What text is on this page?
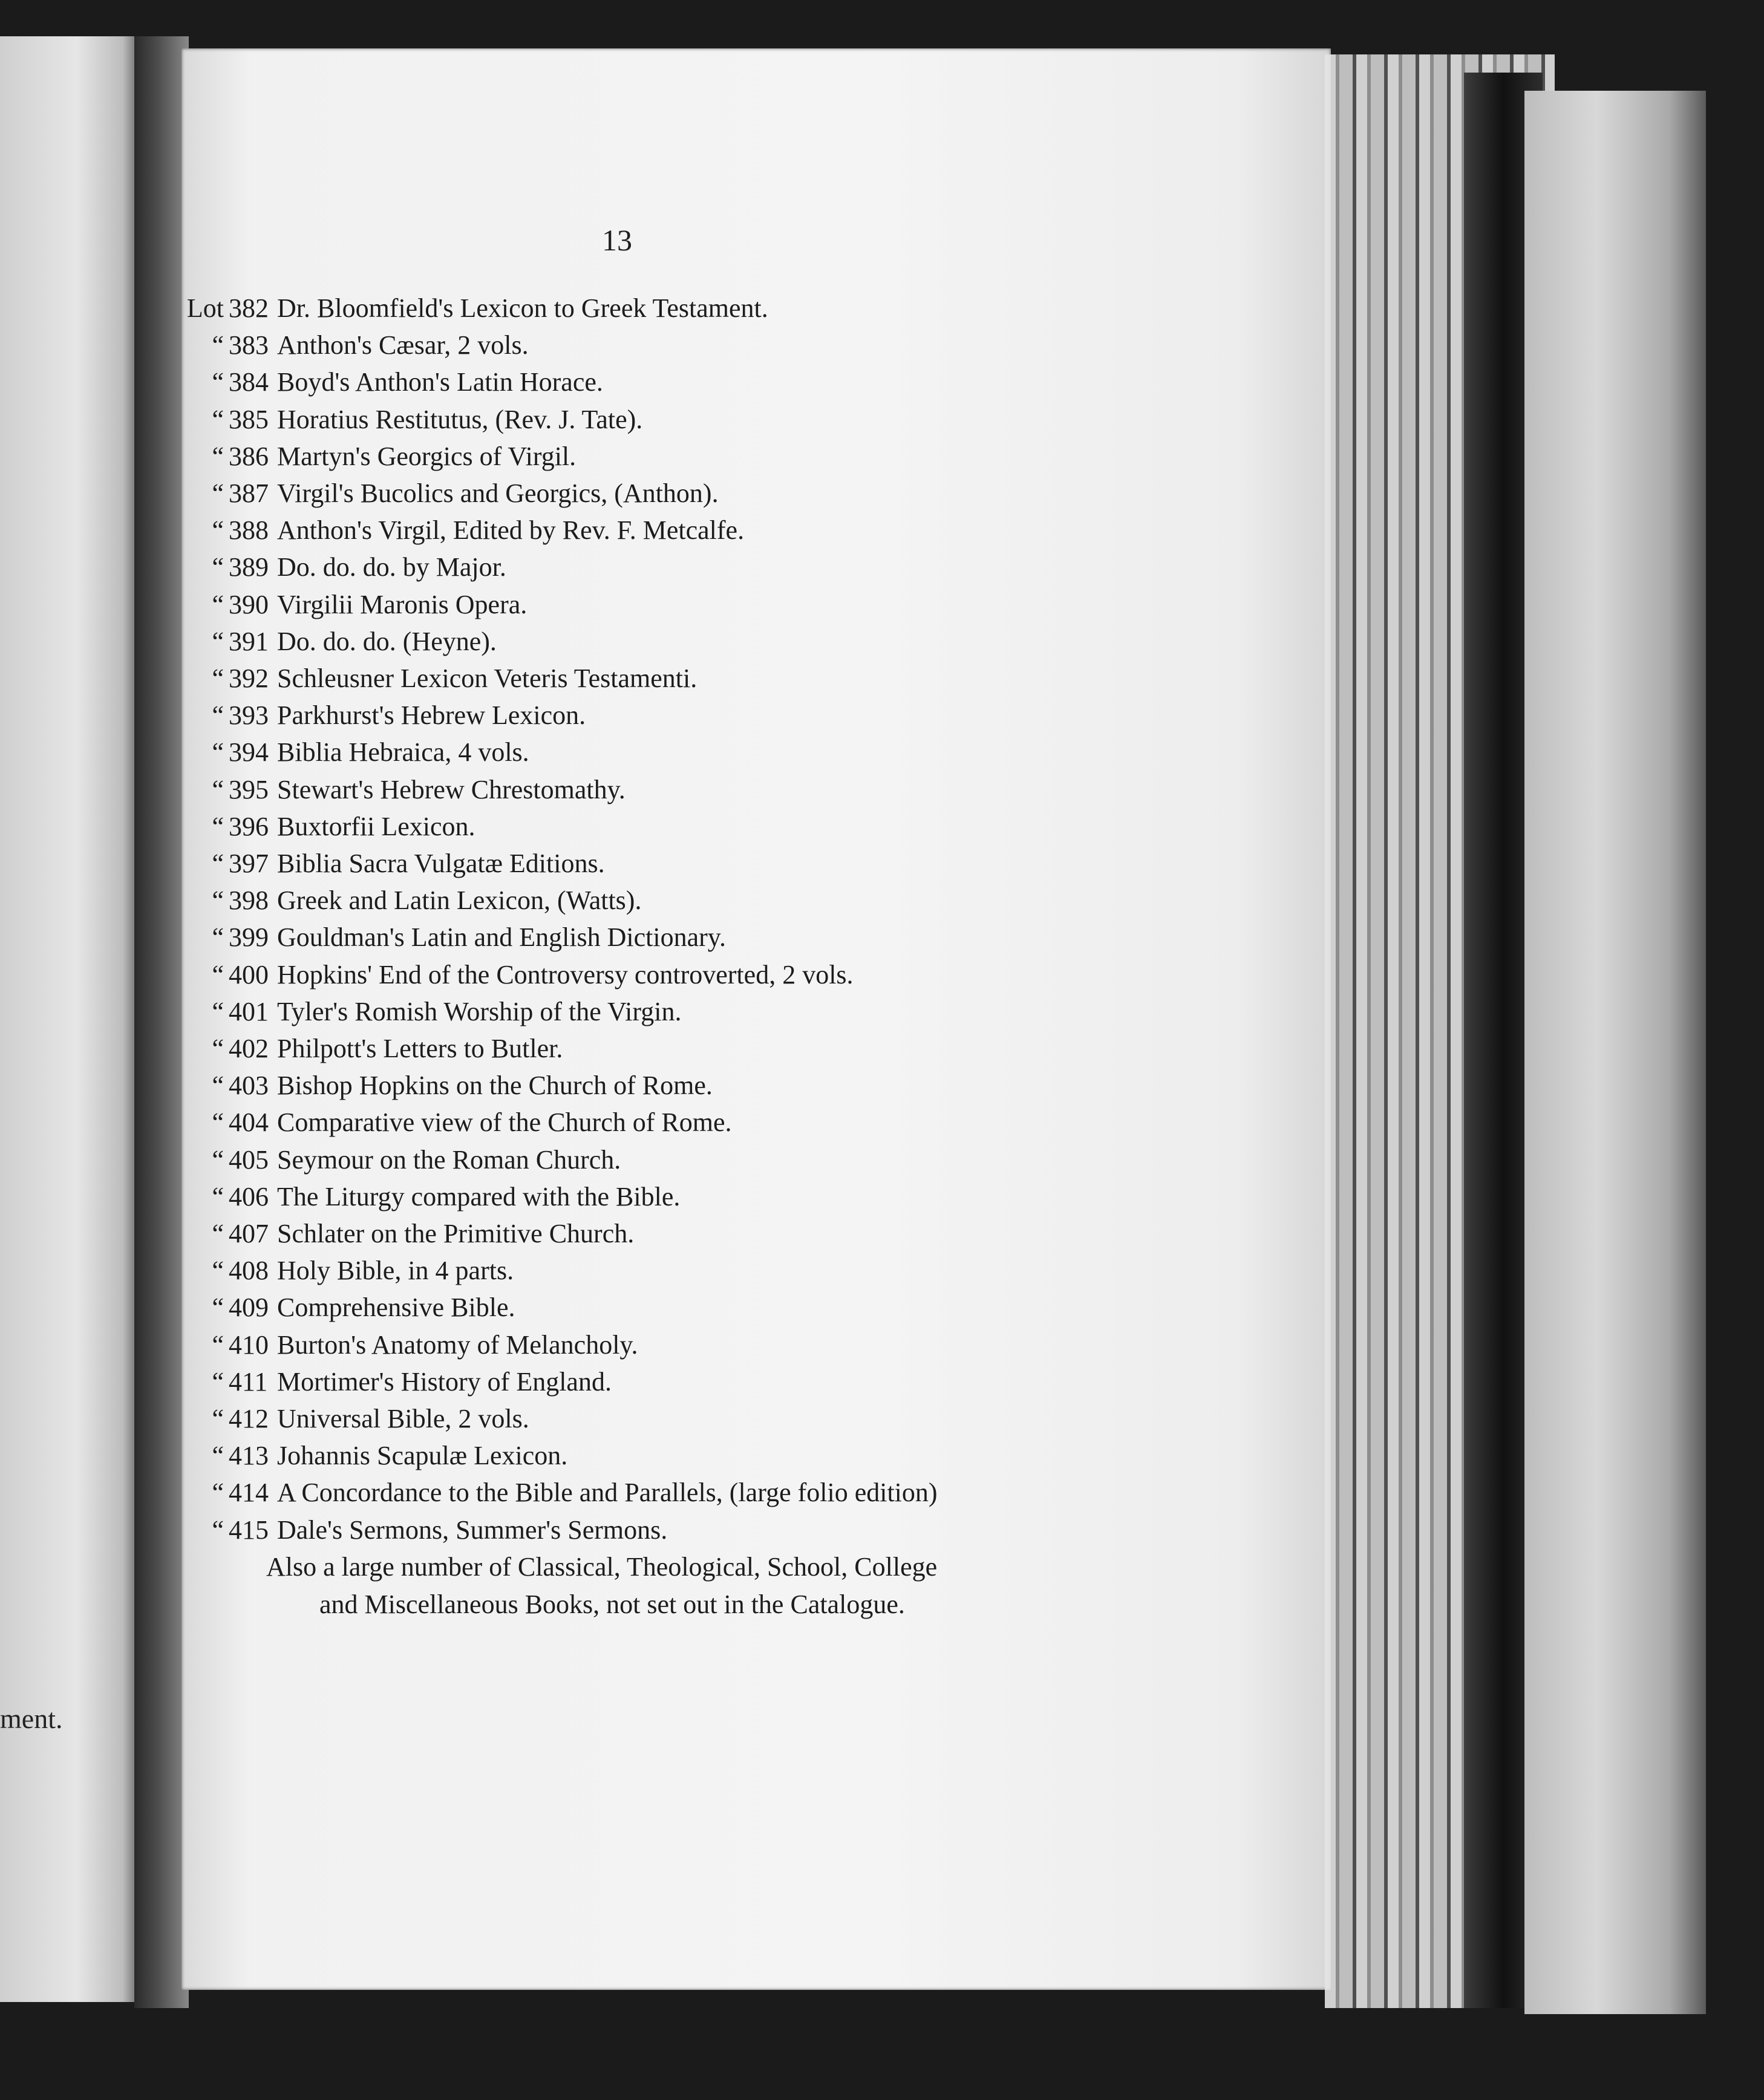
ment.
13
Lot 382 Dr. Bloomfield's Lexicon to Greek Testament.
“ 383 Anthon's Cæsar, 2 vols.
“ 384 Boyd's Anthon's Latin Horace.
“ 385 Horatius Restitutus, (Rev. J. Tate).
“ 386 Martyn's Georgics of Virgil.
“ 387 Virgil's Bucolics and Georgics, (Anthon).
“ 388 Anthon's Virgil, Edited by Rev. F. Metcalfe.
“ 389 Do. do. do. by Major.
“ 390 Virgilii Maronis Opera.
“ 391 Do. do. do. (Heyne).
“ 392 Schleusner Lexicon Veteris Testamenti.
“ 393 Parkhurst's Hebrew Lexicon.
“ 394 Biblia Hebraica, 4 vols.
“ 395 Stewart's Hebrew Chrestomathy.
“ 396 Buxtorfii Lexicon.
“ 397 Biblia Sacra Vulgatæ Editions.
“ 398 Greek and Latin Lexicon, (Watts).
“ 399 Gouldman's Latin and English Dictionary.
“ 400 Hopkins' End of the Controversy controverted, 2 vols.
“ 401 Tyler's Romish Worship of the Virgin.
“ 402 Philpott's Letters to Butler.
“ 403 Bishop Hopkins on the Church of Rome.
“ 404 Comparative view of the Church of Rome.
“ 405 Seymour on the Roman Church.
“ 406 The Liturgy compared with the Bible.
“ 407 Schlater on the Primitive Church.
“ 408 Holy Bible, in 4 parts.
“ 409 Comprehensive Bible.
“ 410 Burton's Anatomy of Melancholy.
“ 411 Mortimer's History of England.
“ 412 Universal Bible, 2 vols.
“ 413 Johannis Scapulæ Lexicon.
“ 414 A Concordance to the Bible and Parallels, (large folio edition)
“ 415 Dale's Sermons, Summer's Sermons.
Also a large number of Classical, Theological, School, College
and Miscellaneous Books, not set out in the Catalogue.
